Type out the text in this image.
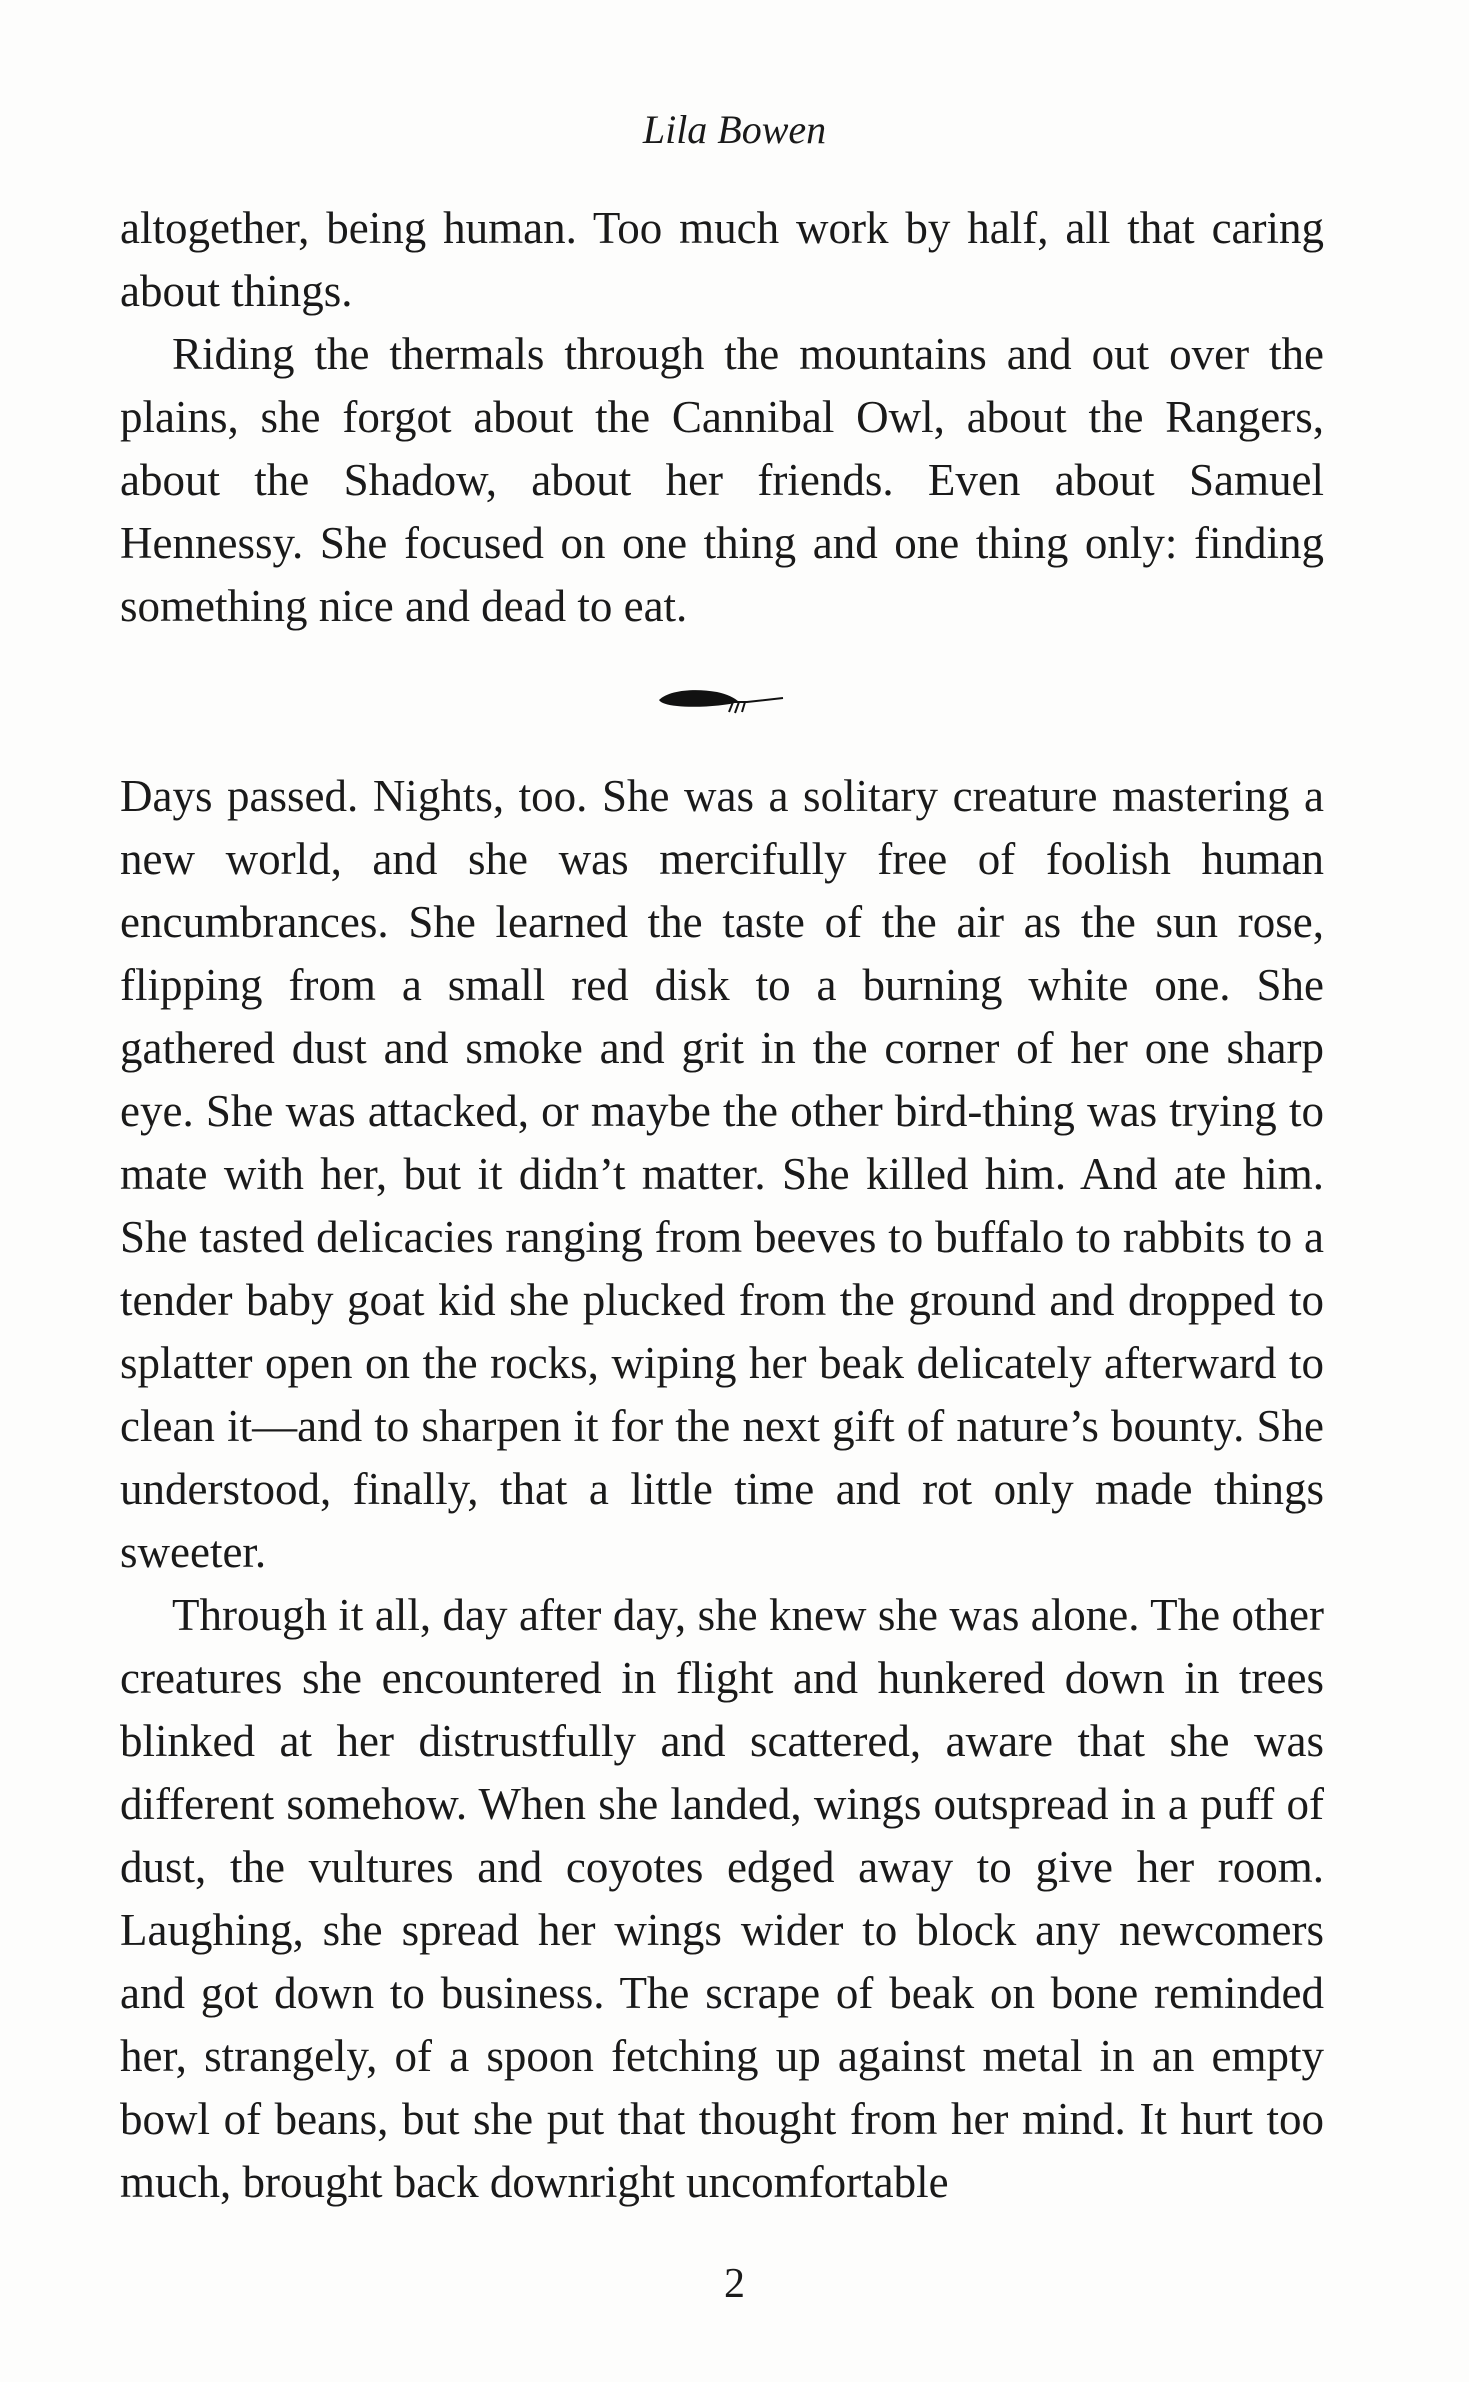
Lila Bowen

altogether, being human. Too much work by half, all that caring about things.

Riding the thermals through the mountains and out over the plains, she forgot about the Cannibal Owl, about the Rangers, about the Shadow, about her friends. Even about Samuel Hennessy. She focused on one thing and one thing only: finding something nice and dead to eat.

Days passed. Nights, too. She was a solitary creature mastering a new world, and she was mercifully free of foolish human encumbrances. She learned the taste of the air as the sun rose, flipping from a small red disk to a burning white one. She gathered dust and smoke and grit in the corner of her one sharp eye. She was attacked, or maybe the other bird-thing was trying to mate with her, but it didn’t matter. She killed him. And ate him. She tasted delicacies ranging from beeves to buffalo to rabbits to a tender baby goat kid she plucked from the ground and dropped to splatter open on the rocks, wiping her beak delicately afterward to clean it—and to sharpen it for the next gift of nature’s bounty. She understood, finally, that a little time and rot only made things sweeter.

Through it all, day after day, she knew she was alone. The other creatures she encountered in flight and hunkered down in trees blinked at her distrustfully and scattered, aware that she was different somehow. When she landed, wings outspread in a puff of dust, the vultures and coyotes edged away to give her room. Laughing, she spread her wings wider to block any newcomers and got down to business. The scrape of beak on bone reminded her, strangely, of a spoon fetching up against metal in an empty bowl of beans, but she put that thought from her mind. It hurt too much, brought back downright uncomfortable

2
